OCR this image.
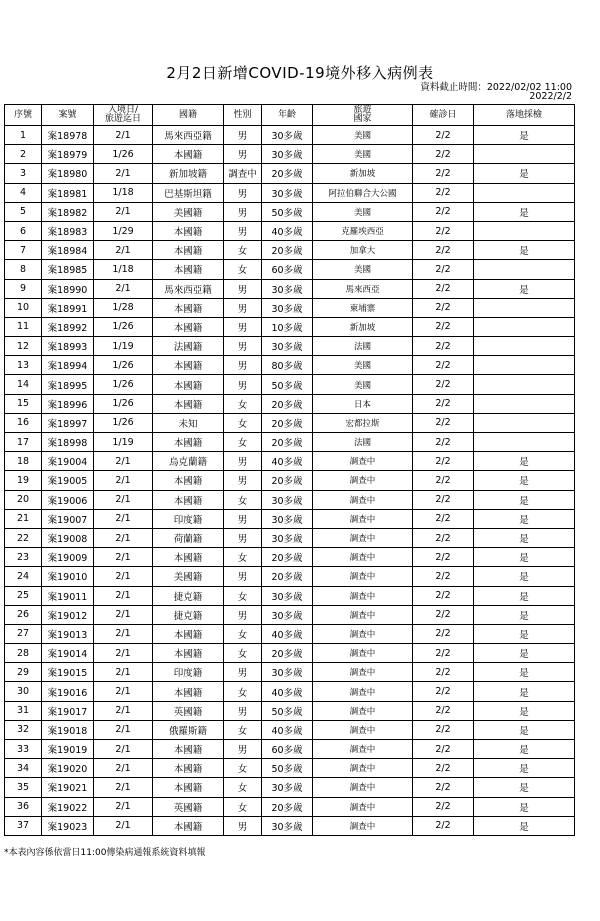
2月2日新增COVID-19境外移入病例表
資料截止時間：2022/02/02 11:00
2022/2/2
序號	案號	入境日/
旅遊迄日	國籍	性別	年齡	旅遊
國家	確診日	落地採檢
1	案18978	2/1	馬來西亞籍	男	30多歲	美國	2/2	是
2	案18979	1/26	本國籍	男	30多歲	美國	2/2	
3	案18980	2/1	新加坡籍	調查中	20多歲	新加坡	2/2	是
4	案18981	1/18	巴基斯坦籍	男	30多歲	阿拉伯聯合大公國	2/2	
5	案18982	2/1	美國籍	男	50多歲	美國	2/2	是
6	案18983	1/29	本國籍	男	40多歲	克羅埃西亞	2/2	
7	案18984	2/1	本國籍	女	20多歲	加拿大	2/2	是
8	案18985	1/18	本國籍	女	60多歲	美國	2/2	
9	案18990	2/1	馬來西亞籍	男	30多歲	馬來西亞	2/2	是
10	案18991	1/28	本國籍	男	30多歲	柬埔寨	2/2	
11	案18992	1/26	本國籍	男	10多歲	新加坡	2/2	
12	案18993	1/19	法國籍	男	30多歲	法國	2/2	
13	案18994	1/26	本國籍	男	80多歲	美國	2/2	
14	案18995	1/26	本國籍	男	50多歲	美國	2/2	
15	案18996	1/26	本國籍	女	20多歲	日本	2/2	
16	案18997	1/26	未知	女	20多歲	宏都拉斯	2/2	
17	案18998	1/19	本國籍	女	20多歲	法國	2/2	
18	案19004	2/1	烏克蘭籍	男	40多歲	調查中	2/2	是
19	案19005	2/1	本國籍	男	20多歲	調查中	2/2	是
20	案19006	2/1	本國籍	女	30多歲	調查中	2/2	是
21	案19007	2/1	印度籍	男	30多歲	調查中	2/2	是
22	案19008	2/1	荷蘭籍	男	30多歲	調查中	2/2	是
23	案19009	2/1	本國籍	女	20多歲	調查中	2/2	是
24	案19010	2/1	美國籍	男	20多歲	調查中	2/2	是
25	案19011	2/1	捷克籍	女	30多歲	調查中	2/2	是
26	案19012	2/1	捷克籍	男	30多歲	調查中	2/2	是
27	案19013	2/1	本國籍	女	40多歲	調查中	2/2	是
28	案19014	2/1	本國籍	女	20多歲	調查中	2/2	是
29	案19015	2/1	印度籍	男	30多歲	調查中	2/2	是
30	案19016	2/1	本國籍	女	40多歲	調查中	2/2	是
31	案19017	2/1	英國籍	男	50多歲	調查中	2/2	是
32	案19018	2/1	俄羅斯籍	女	40多歲	調查中	2/2	是
33	案19019	2/1	本國籍	男	60多歲	調查中	2/2	是
34	案19020	2/1	本國籍	女	50多歲	調查中	2/2	是
35	案19021	2/1	本國籍	女	30多歲	調查中	2/2	是
36	案19022	2/1	英國籍	女	20多歲	調查中	2/2	是
37	案19023	2/1	本國籍	男	30多歲	調查中	2/2	是
*本表內容係依當日11:00傳染病通報系統資料填報
